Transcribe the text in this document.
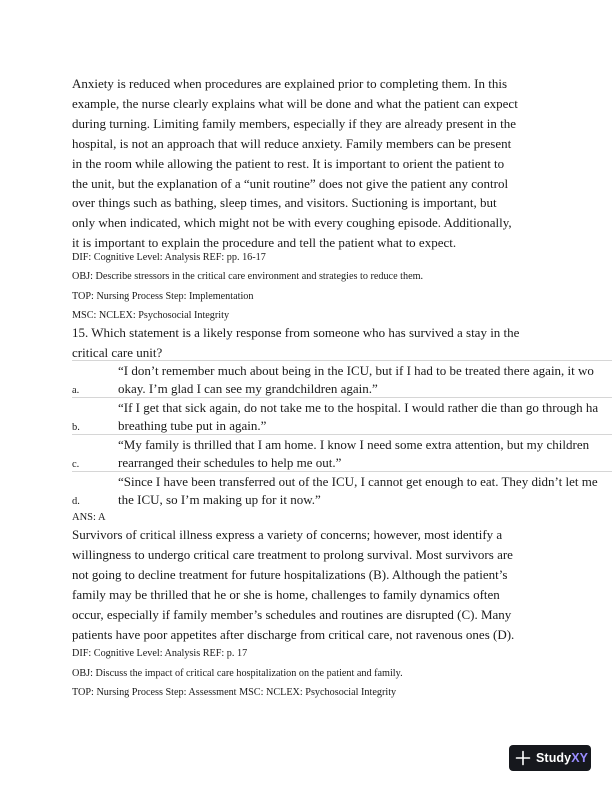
Anxiety is reduced when procedures are explained prior to completing them. In this
example, the nurse clearly explains what will be done and what the patient can expect
during turning. Limiting family members, especially if they are already present in the
hospital, is not an approach that will reduce anxiety. Family members can be present
in the room while allowing the patient to rest. It is important to orient the patient to
the unit, but the explanation of a “unit routine” does not give the patient any control
over things such as bathing, sleep times, and visitors. Suctioning is important, but
only when indicated, which might not be with every coughing episode. Additionally,
it is important to explain the procedure and tell the patient what to expect.

DIF: Cognitive Level: Analysis REF: pp. 16-17
OBJ: Describe stressors in the critical care environment and strategies to reduce them.
TOP: Nursing Process Step: Implementation
MSC: NCLEX: Psychosocial Integrity

15. Which statement is a likely response from someone who has survived a stay in the
critical care unit?

a.

“I don’t remember much about being in the ICU, but if I had to be treated there again, it wo
okay. I’m glad I can see my grandchildren again.”

b.

“If I get that sick again, do not take me to the hospital. I would rather die than go through ha
breathing tube put in again.”

c.

“My family is thrilled that I am home. I know I need some extra attention, but my children
rearranged their schedules to help me out.”

d.

“Since I have been transferred out of the ICU, I cannot get enough to eat. They didn’t let me
the ICU, so I’m making up for it now.”

ANS: A

Survivors of critical illness express a variety of concerns; however, most identify a
willingness to undergo critical care treatment to prolong survival. Most survivors are
not going to decline treatment for future hospitalizations (B). Although the patient’s
family may be thrilled that he or she is home, challenges to family dynamics often
occur, especially if family member’s schedules and routines are disrupted (C). Many
patients have poor appetites after discharge from critical care, not ravenous ones (D).

DIF: Cognitive Level: Analysis REF: p. 17
OBJ: Discuss the impact of critical care hospitalization on the patient and family.
TOP: Nursing Process Step: Assessment MSC: NCLEX: Psychosocial Integrity
StudyXY
